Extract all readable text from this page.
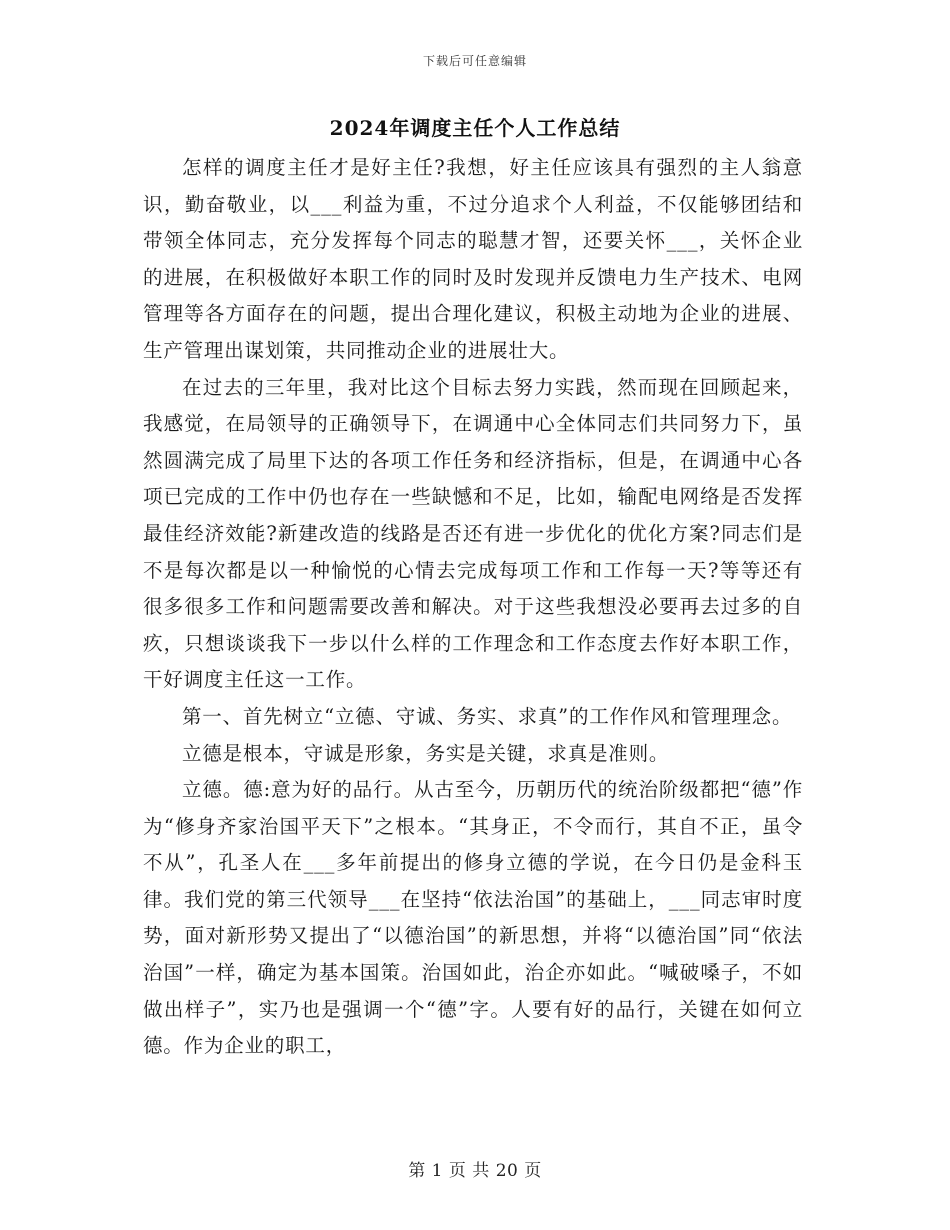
下载后可任意编辑
2024年调度主任个人工作总结

怎样的调度主任才是好主任?我想，好主任应该具有强烈的主人翁意识，勤奋敬业，以___利益为重，不过分追求个人利益，不仅能够团结和带领全体同志，充分发挥每个同志的聪慧才智，还要关怀___，关怀企业的进展，在积极做好本职工作的同时及时发现并反馈电力生产技术、电网管理等各方面存在的问题，提出合理化建议，积极主动地为企业的进展、生产管理出谋划策，共同推动企业的进展壮大。

在过去的三年里，我对比这个目标去努力实践，然而现在回顾起来，我感觉，在局领导的正确领导下，在调通中心全体同志们共同努力下，虽然圆满完成了局里下达的各项工作任务和经济指标，但是，在调通中心各项已完成的工作中仍也存在一些缺憾和不足，比如，输配电网络是否发挥最佳经济效能?新建改造的线路是否还有进一步优化的优化方案?同志们是不是每次都是以一种愉悦的心情去完成每项工作和工作每一天?等等还有很多很多工作和问题需要改善和解决。对于这些我想没必要再去过多的自疚，只想谈谈我下一步以什么样的工作理念和工作态度去作好本职工作，干好调度主任这一工作。

第一、首先树立“立德、守诚、务实、求真”的工作作风和管理理念。

立德是根本，守诚是形象，务实是关键，求真是准则。

立德。德:意为好的品行。从古至今，历朝历代的统治阶级都把“德”作为“修身齐家治国平天下”之根本。“其身正，不令而行，其自不正，虽令不从”，孔圣人在___多年前提出的修身立德的学说，在今日仍是金科玉律。我们党的第三代领导___在坚持“依法治国”的基础上，___同志审时度势，面对新形势又提出了“以德治国”的新思想，并将“以德治国”同“依法治国”一样，确定为基本国策。治国如此，治企亦如此。“喊破嗓子，不如做出样子”，实乃也是强调一个“德”字。人要有好的品行，关键在如何立德。作为企业的职工，

第 1 页 共 20 页
